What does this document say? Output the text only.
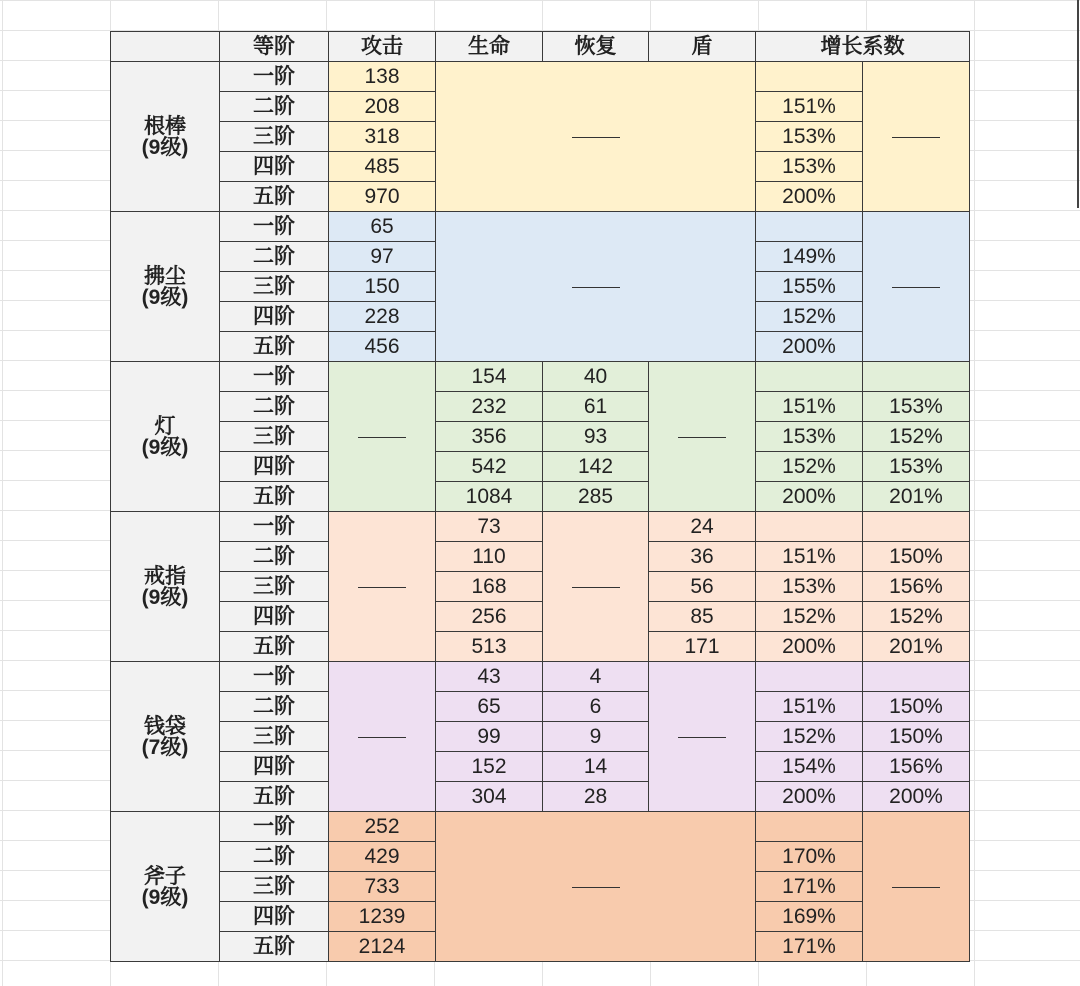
	等阶	攻击	生命	恢复	盾	增长系数	
根棒
(9级)	一阶	138					
	二阶	208				151%	
	三阶	318				153%	
	四阶	485				153%	
	五阶	970				200%	
拂尘
(9级)	一阶	65					
	二阶	97				149%	
	三阶	150				155%	
	四阶	228				152%	
	五阶	456				200%	
灯
(9级)	一阶		154	40			
	二阶		232	61		151%	153%
	三阶		356	93		153%	152%
	四阶		542	142		152%	153%
	五阶		1084	285		200%	201%
戒指
(9级)	一阶		73		24		
	二阶		110		36	151%	150%
	三阶		168		56	153%	156%
	四阶		256		85	152%	152%
	五阶		513		171	200%	201%
钱袋
(7级)	一阶		43	4			
	二阶		65	6		151%	150%
	三阶		99	9		152%	150%
	四阶		152	14		154%	156%
	五阶		304	28		200%	200%
斧子
(9级)	一阶	252					
	二阶	429				170%	
	三阶	733				171%	
	四阶	1239				169%	
	五阶	2124				171%	
